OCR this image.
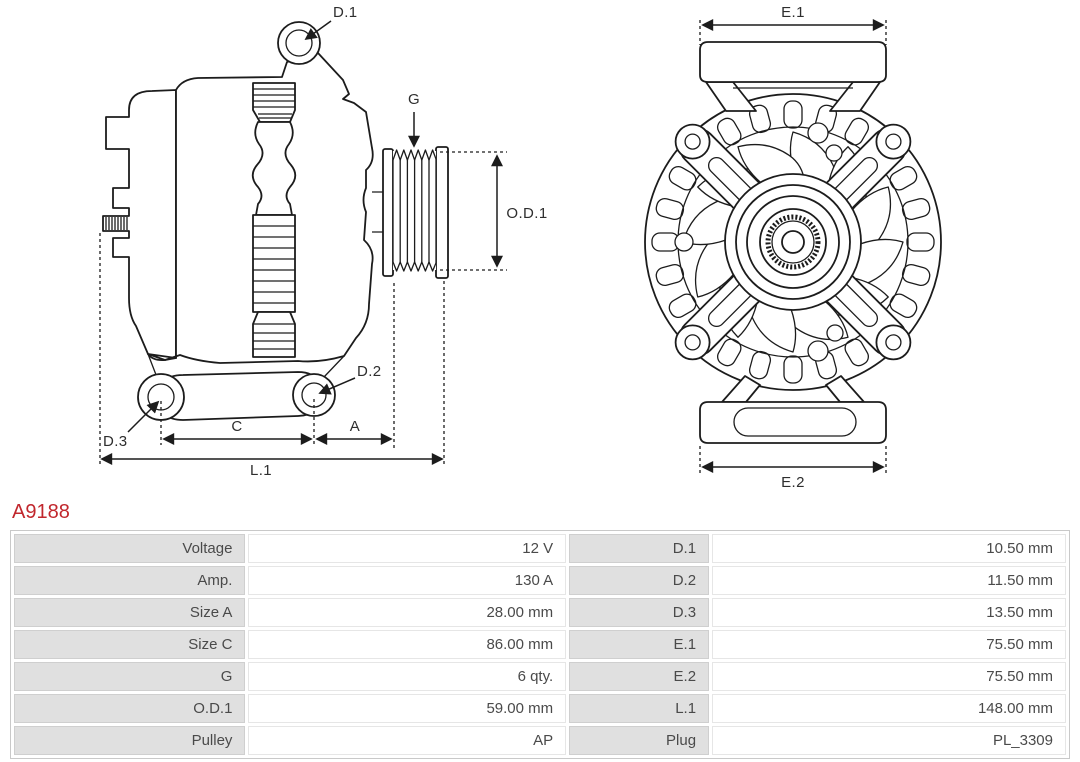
C	A
L.1
O.D.1
G
D.1
D.2
D.3
E.1
E.2
A9188
Voltage	12 V	D.1	10.50 mm
Amp.	130 A	D.2	11.50 mm
Size A	28.00 mm	D.3	13.50 mm
Size C	86.00 mm	E.1	75.50 mm
G	6 qty.	E.2	75.50 mm
O.D.1	59.00 mm	L.1	148.00 mm
Pulley	AP	Plug	PL_3309
